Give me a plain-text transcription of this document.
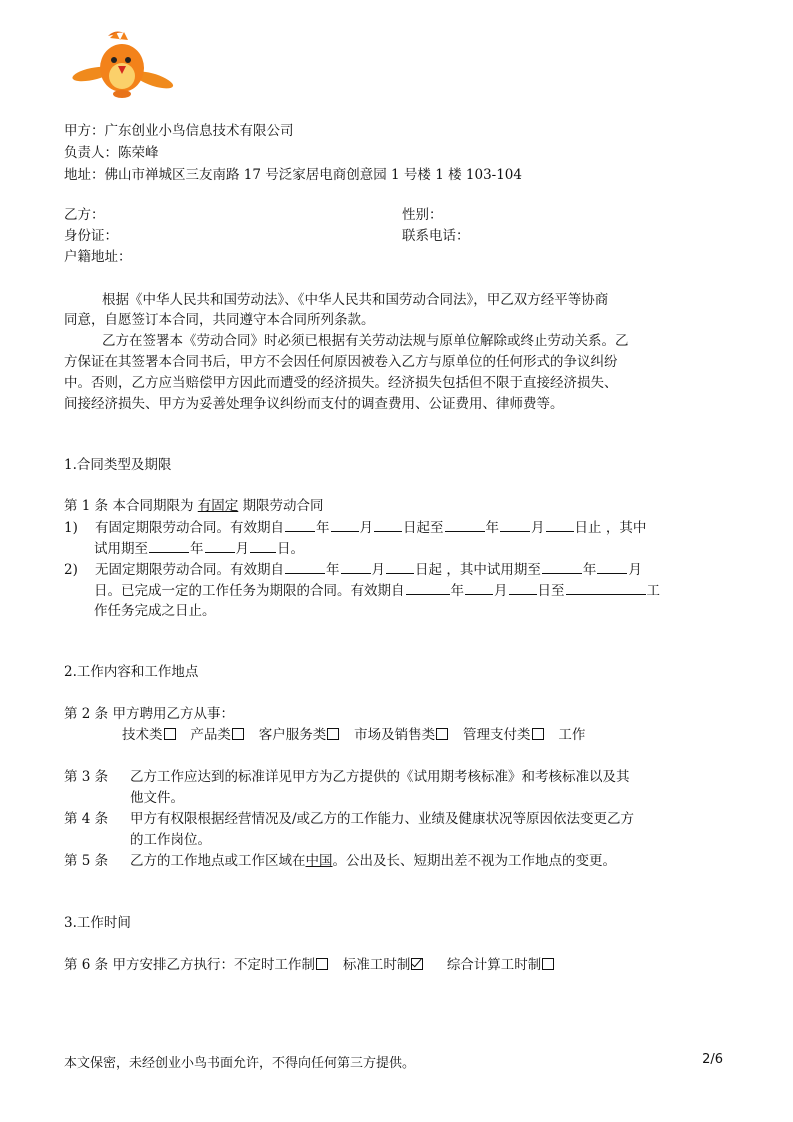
甲方：广东创业小鸟信息技术有限公司
负责人：陈荣峰
地址：佛山市禅城区三友南路 17 号泛家居电商创意园 1 号楼 1 楼 103-104
乙方：	性别：
身份证：	联系电话：
户籍地址：
根据《中华人民共和国劳动法》、《中华人民共和国劳动合同法》，甲乙双方经平等协商
同意，自愿签订本合同，共同遵守本合同所列条款。
乙方在签署本《劳动合同》时必须已根据有关劳动法规与原单位解除或终止劳动关系。乙
方保证在其签署本合同书后，甲方不会因任何原因被卷入乙方与原单位的任何形式的争议纠纷
中。否则，乙方应当赔偿甲方因此而遭受的经济损失。经济损失包括但不限于直接经济损失、
间接经济损失、甲方为妥善处理争议纠纷而支付的调查费用、公证费用、律师费等。
1.合同类型及期限
第 1 条 本合同期限为 有固定 期限劳动合同
1) 有固定期限劳动合同。有效期自 年 月 日起至	年 月 日止 ，其中
试用期至	年 月 日。
2) 无固定期限劳动合同。有效期自	年 月 日起 ，其中试用期至	年 月
日。已完成一定的工作任务为期限的合同。有效期自	年 月 日至	工
作任务完成之日止。
2.工作内容和工作地点
第 2 条 甲方聘用乙方从事：
技术类 产品类 客户服务类 市场及销售类 管理支付类 工作
第 3 条 乙方工作应达到的标准详见甲方为乙方提供的《试用期考核标准》和考核标准以及其
他文件。
第 4 条 甲方有权限根据经营情况及/或乙方的工作能力、业绩及健康状况等原因依法变更乙方
的工作岗位。
第 5 条 乙方的工作地点或工作区域在中国。公出及长、短期出差不视为工作地点的变更。
3.工作时间
第 6 条 甲方安排乙方执行：不定时工作制 标准工时制	综合计算工时制
本文保密，未经创业小鸟书面允许，不得向任何第三方提供。	2/6
